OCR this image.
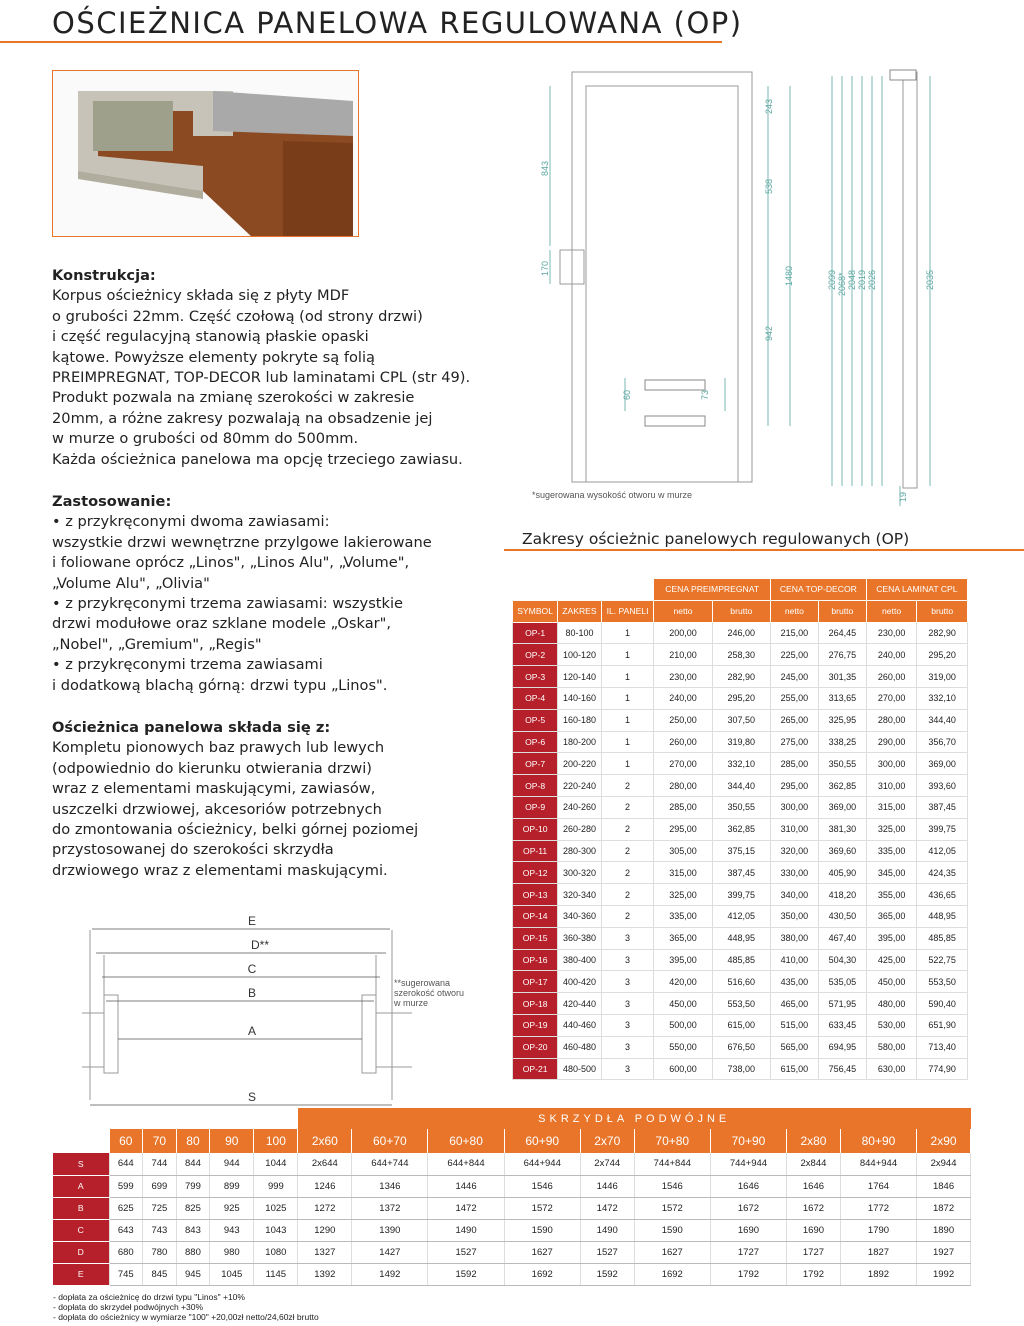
OŚCIEŻNICA PANELOWA REGULOWANA (OP)

Konstrukcja:

Korpus ościeżnicy składa się z płyty MDF

o grubości 22mm. Część czołową (od strony drzwi)

i część regulacyjną stanowią płaskie opaski

kątowe. Powyższe elementy pokryte są folią

PREIMPREGNAT, TOP-DECOR lub laminatami CPL (str 49).

Produkt pozwala na zmianę szerokości w zakresie

20mm, a różne zakresy pozwalają na obsadzenie jej

w murze o grubości od 80mm do 500mm.

Każda ościeżnica panelowa ma opcję trzeciego zawiasu.

Zastosowanie:

• z przykręconymi dwoma zawiasami:

wszystkie drzwi wewnętrzne przylgowe lakierowane

i foliowane oprócz „Linos", „Linos Alu", „Volume",

„Volume Alu", „Olivia"

• z przykręconymi trzema zawiasami: wszystkie

drzwi modułowe oraz szklane modele „Oskar",

„Nobel", „Gremium", „Regis"

• z przykręconymi trzema zawiasami

i dodatkową blachą górną: drzwi typu „Linos".

Ościeżnica panelowa składa się z:

Kompletu pionowych baz prawych lub lewych

(odpowiednio do kierunku otwierania drzwi)

wraz z elementami maskującymi, zawiasów,

uszczelki drzwiowej, akcesoriów potrzebnych

do zmontowania ościeżnicy, belki górnej poziomej

przystosowanej do szerokości skrzydła

drzwiowego wraz z elementami maskującymi.

843
170
243
538
1480
942
2099 2068* 2048 2019 2026	2035
60	73
19
*sugerowana wysokość otworu w murze
Zakresy ościeżnic panelowych regulowanych (OP)
			CENA PREIMPREGNAT		CENA TOP-DECOR		CENA LAMINAT CPL	
SYMBOL	ZAKRES	IL. PANELI	netto	brutto	netto	brutto	netto	brutto
OP-1	80-100	1	200,00	246,00	215,00	264,45	230,00	282,90
OP-2	100-120	1	210,00	258,30	225,00	276,75	240,00	295,20
OP-3	120-140	1	230,00	282,90	245,00	301,35	260,00	319,00
OP-4	140-160	1	240,00	295,20	255,00	313,65	270,00	332,10
OP-5	160-180	1	250,00	307,50	265,00	325,95	280,00	344,40
OP-6	180-200	1	260,00	319,80	275,00	338,25	290,00	356,70
OP-7	200-220	1	270,00	332,10	285,00	350,55	300,00	369,00
OP-8	220-240	2	280,00	344,40	295,00	362,85	310,00	393,60
OP-9	240-260	2	285,00	350,55	300,00	369,00	315,00	387,45
OP-10	260-280	2	295,00	362,85	310,00	381,30	325,00	399,75
OP-11	280-300	2	305,00	375,15	320,00	369,60	335,00	412,05
OP-12	300-320	2	315,00	387,45	330,00	405,90	345,00	424,35
OP-13	320-340	2	325,00	399,75	340,00	418,20	355,00	436,65
OP-14	340-360	2	335,00	412,05	350,00	430,50	365,00	448,95
OP-15	360-380	3	365,00	448,95	380,00	467,40	395,00	485,85
OP-16	380-400	3	395,00	485,85	410,00	504,30	425,00	522,75
OP-17	400-420	3	420,00	516,60	435,00	535,05	450,00	553,50
OP-18	420-440	3	450,00	553,50	465,00	571,95	480,00	590,40
OP-19	440-460	3	500,00	615,00	515,00	633,45	530,00	651,90
OP-20	460-480	3	550,00	676,50	565,00	694,95	580,00	713,40
OP-21	480-500	3	600,00	738,00	615,00	756,45	630,00	774,90
E
D**
C
B
A
S
**sugerowana
szerokość otworu
w murze
						SKRZYDŁA PODWÓJNE									
	60	70	80	90	100	2x60	60+70	60+80	60+90	2x70	70+80	70+90	2x80	80+90	2x90
S	644	744	844	944	1044	2x644	644+744	644+844	644+944	2x744	744+844	744+944	2x844	844+944	2x944
A	599	699	799	899	999	1246	1346	1446	1546	1446	1546	1646	1646	1764	1846
B	625	725	825	925	1025	1272	1372	1472	1572	1472	1572	1672	1672	1772	1872
C	643	743	843	943	1043	1290	1390	1490	1590	1490	1590	1690	1690	1790	1890
D	680	780	880	980	1080	1327	1427	1527	1627	1527	1627	1727	1727	1827	1927
E	745	845	945	1045	1145	1392	1492	1592	1692	1592	1692	1792	1792	1892	1992
- dopłata za ościeżnicę do drzwi typu "Linos" +10%
- dopłata do skrzydeł podwójnych +30%
- dopłata do ościeżnicy w wymiarze "100" +20,00zł netto/24,60zł brutto
